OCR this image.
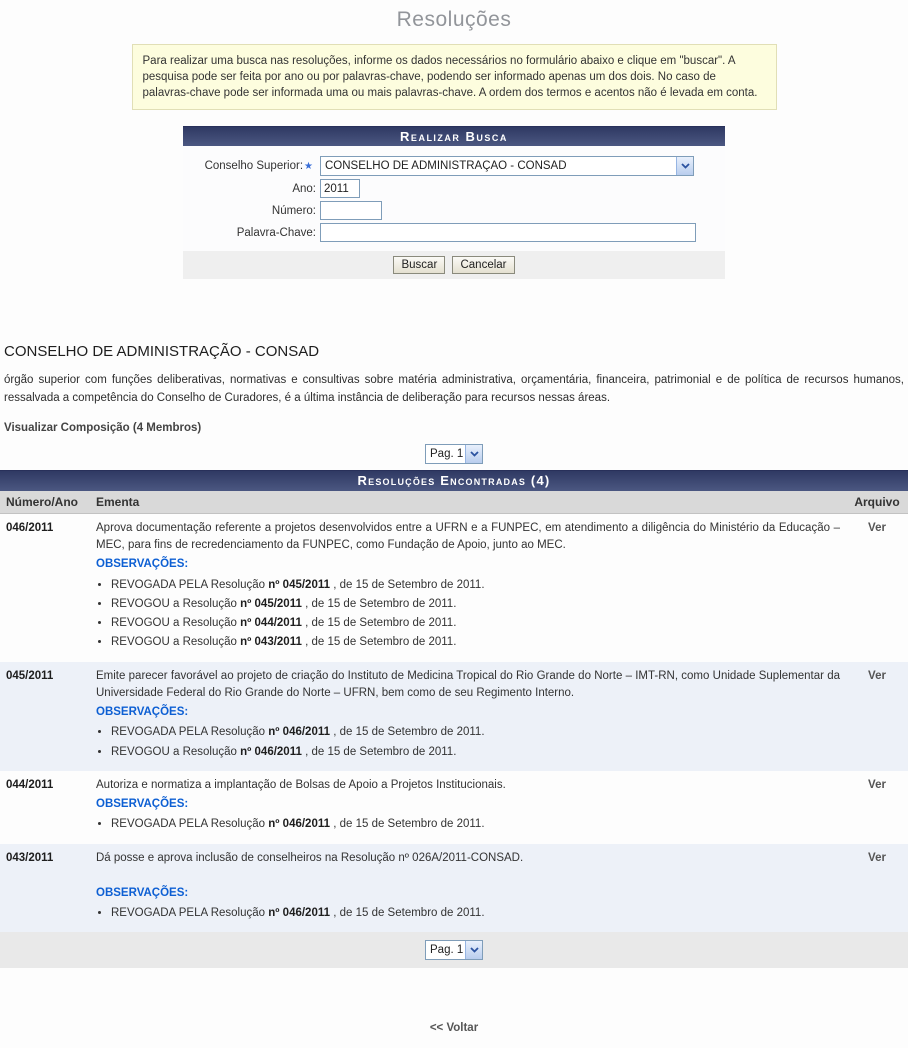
Resoluções
Para realizar uma busca nas resoluções, informe os dados necessários no formulário abaixo e clique em "buscar". A pesquisa pode ser feita por ano ou por palavras-chave, podendo ser informado apenas um dos dois. No caso de palavras-chave pode ser informada uma ou mais palavras-chave. A ordem dos termos e acentos não é levada em conta.
Realizar Busca
Conselho Superior:★	CONSELHO DE ADMINISTRAÇÃO - CONSAD
Ano:
2011
Número:
Palavra-Chave:
Buscar Cancelar
CONSELHO DE ADMINISTRAÇÃO - CONSAD

órgão superior com funções deliberativas, normativas e consultivas sobre matéria administrativa, orçamentária, financeira, patrimonial e de política de recursos humanos, ressalvada a competência do Conselho de Curadores, é a última instância de deliberação para recursos nessas áreas.

Visualizar Composição (4 Membros)
Pag. 1
Resoluções Encontradas (4)
Número/Ano	Ementa	Arquivo
046/2011	Aprova documentação referente a projetos desenvolvidos entre a UFRN e a FUNPEC, em atendimento a diligência do Ministério da Educação – MEC, para fins de recredenciamento da FUNPEC, como Fundação de Apoio, junto ao MEC.
OBSERVAÇÕES:
• REVOGADA PELA Resolução nº 045/2011 , de 15 de Setembro de 2011.
• REVOGOU a Resolução nº 045/2011 , de 15 de Setembro de 2011.
• REVOGOU a Resolução nº 044/2011 , de 15 de Setembro de 2011.
• REVOGOU a Resolução nº 043/2011 , de 15 de Setembro de 2011.
	Ver
045/2011	Emite parecer favorável ao projeto de criação do Instituto de Medicina Tropical do Rio Grande do Norte – IMT-RN, como Unidade Suplementar da Universidade Federal do Rio Grande do Norte – UFRN, bem como de seu Regimento Interno.
OBSERVAÇÕES:
• REVOGADA PELA Resolução nº 046/2011 , de 15 de Setembro de 2011.
• REVOGOU a Resolução nº 046/2011 , de 15 de Setembro de 2011.
	Ver
044/2011	Autoriza e normatiza a implantação de Bolsas de Apoio a Projetos Institucionais.
OBSERVAÇÕES:
• REVOGADA PELA Resolução nº 046/2011 , de 15 de Setembro de 2011.
	Ver
043/2011	Dá posse e aprova inclusão de conselheiros na Resolução nº 026A/2011-CONSAD.
OBSERVAÇÕES:
• REVOGADA PELA Resolução nº 046/2011 , de 15 de Setembro de 2011.
	Ver

Pag. 1		
<< Voltar
